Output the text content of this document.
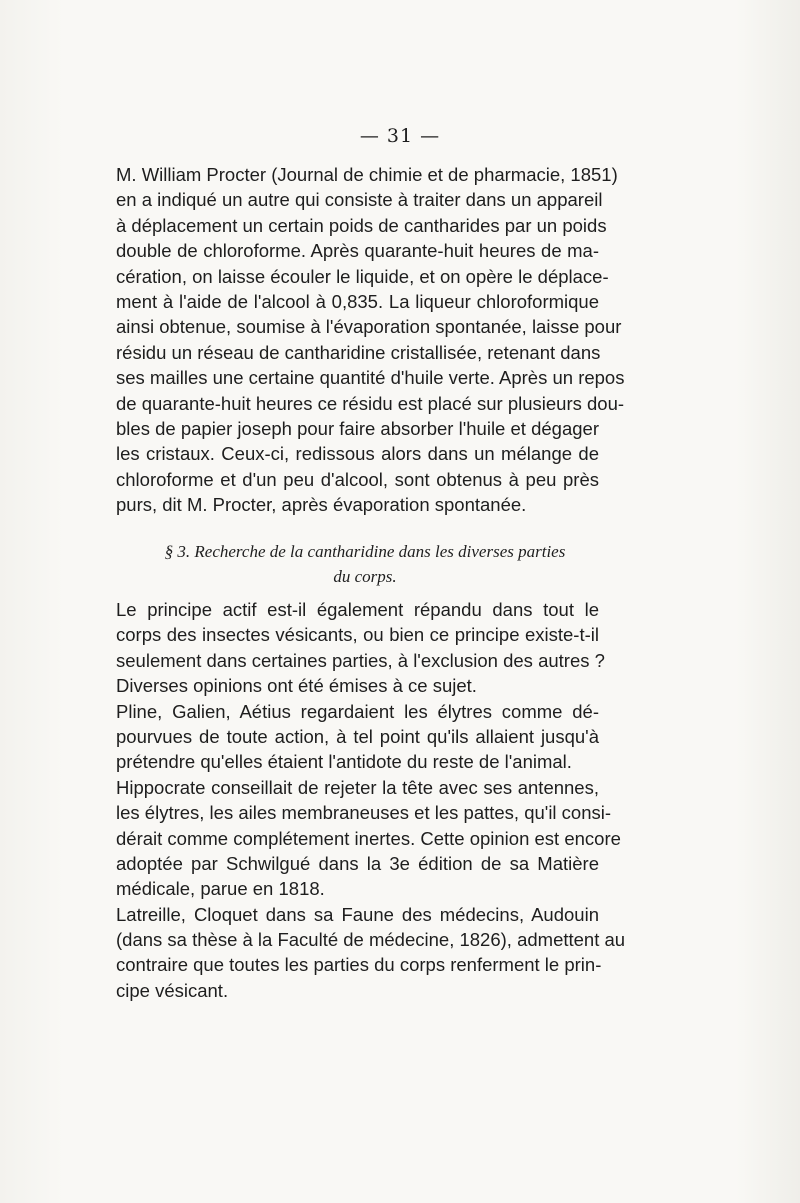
— 31 —
M. William Procter (Journal de chimie et de pharmacie, 1851)
en a indiqué un autre qui consiste à traiter dans un appareil
à déplacement un certain poids de cantharides par un poids
double de chloroforme. Après quarante-huit heures de ma-
cération, on laisse écouler le liquide, et on opère le déplace-
ment à l'aide de l'alcool à 0,835. La liqueur chloroformique
ainsi obtenue, soumise à l'évaporation spontanée, laisse pour
résidu un réseau de cantharidine cristallisée, retenant dans
ses mailles une certaine quantité d'huile verte. Après un repos
de quarante-huit heures ce résidu est placé sur plusieurs dou-
bles de papier joseph pour faire absorber l'huile et dégager
les cristaux. Ceux-ci, redissous alors dans un mélange de
chloroforme et d'un peu d'alcool, sont obtenus à peu près
purs, dit M. Procter, après évaporation spontanée.
§ 3. Recherche de la cantharidine dans les diverses parties
du corps.
Le principe actif est-il également répandu dans tout le
corps des insectes vésicants, ou bien ce principe existe-t-il
seulement dans certaines parties, à l'exclusion des autres ?
Diverses opinions ont été émises à ce sujet.
Pline, Galien, Aétius regardaient les élytres comme dé-
pourvues de toute action, à tel point qu'ils allaient jusqu'à
prétendre qu'elles étaient l'antidote du reste de l'animal.
Hippocrate conseillait de rejeter la tête avec ses antennes,
les élytres, les ailes membraneuses et les pattes, qu'il consi-
dérait comme complétement inertes. Cette opinion est encore
adoptée par Schwilgué dans la 3e édition de sa Matière
médicale, parue en 1818.
Latreille, Cloquet dans sa Faune des médecins, Audouin
(dans sa thèse à la Faculté de médecine, 1826), admettent au
contraire que toutes les parties du corps renferment le prin-
cipe vésicant.
